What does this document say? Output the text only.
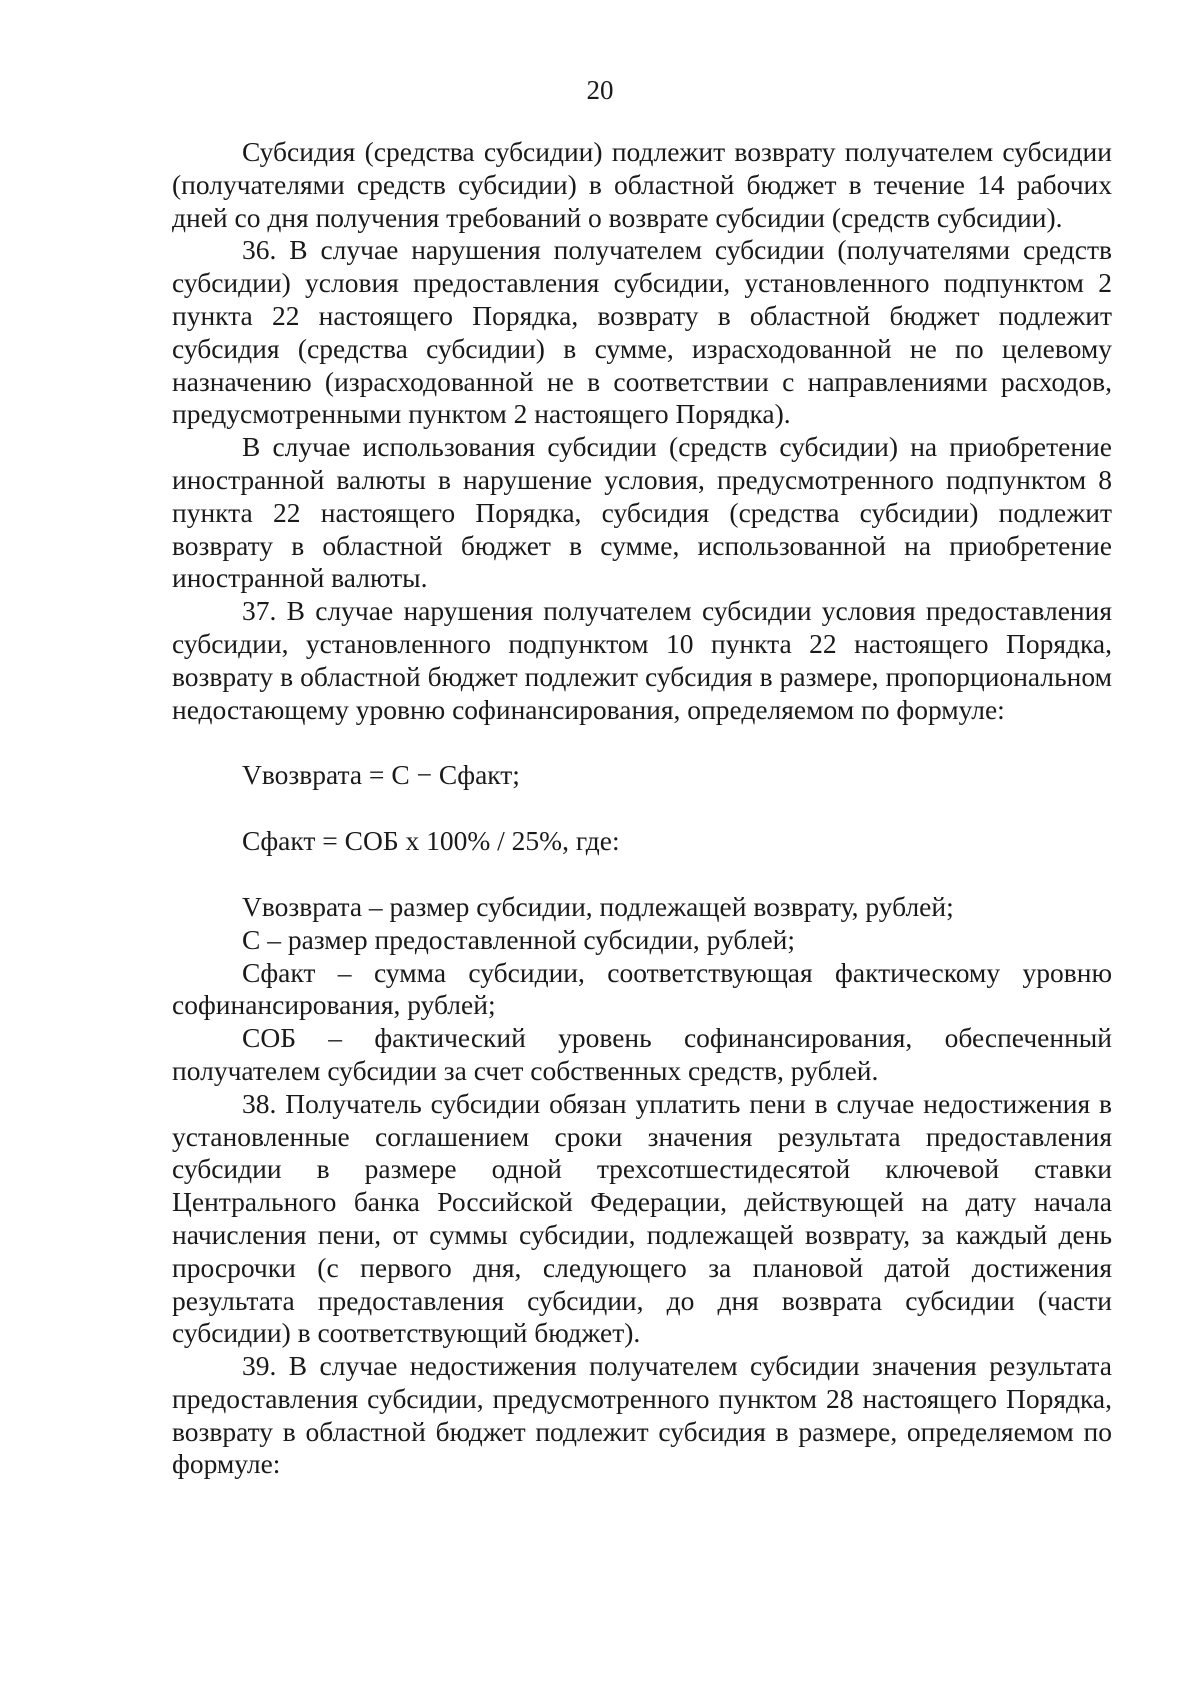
20

Субсидия (средства субсидии) подлежит возврату получателем субсидии (получателями средств субсидии) в областной бюджет в течение 14 рабочих дней со дня получения требований о возврате субсидии (средств субсидии).

36. В случае нарушения получателем субсидии (получателями средств субсидии) условия предоставления субсидии, установленного подпунктом 2 пункта 22 настоящего Порядка, возврату в областной бюджет подлежит субсидия (средства субсидии) в сумме, израсходованной не по целевому назначению (израсходованной не в соответствии с направлениями расходов, предусмотренными пунктом 2 настоящего Порядка).

В случае использования субсидии (средств субсидии) на приобретение иностранной валюты в нарушение условия, предусмотренного подпунктом 8 пункта 22 настоящего Порядка, субсидия (средства субсидии) подлежит возврату в областной бюджет в сумме, использованной на приобретение иностранной валюты.

37. В случае нарушения получателем субсидии условия предоставления субсидии, установленного подпунктом 10 пункта 22 настоящего Порядка, возврату в областной бюджет подлежит субсидия в размере, пропорциональном недостающему уровню софинансирования, определяемом по формуле:

Vвозврата = С − Сфакт;

Сфакт = СОБ х 100% / 25%, где:

Vвозврата – размер субсидии, подлежащей возврату, рублей;

С – размер предоставленной субсидии, рублей;

Сфакт – сумма субсидии, соответствующая фактическому уровню софинансирования, рублей;

СОБ – фактический уровень софинансирования, обеспеченный получателем субсидии за счет собственных средств, рублей.

38. Получатель субсидии обязан уплатить пени в случае недостижения в установленные соглашением сроки значения результата предоставления субсидии в размере одной трехсотшестидесятой ключевой ставки Центрального банка Российской Федерации, действующей на дату начала начисления пени, от суммы субсидии, подлежащей возврату, за каждый день просрочки (с первого дня, следующего за плановой датой достижения результата предоставления субсидии, до дня возврата субсидии (части субсидии) в соответствующий бюджет).

39. В случае недостижения получателем субсидии значения результата предоставления субсидии, предусмотренного пунктом 28 настоящего Порядка, возврату в областной бюджет подлежит субсидия в размере, определяемом по формуле:
